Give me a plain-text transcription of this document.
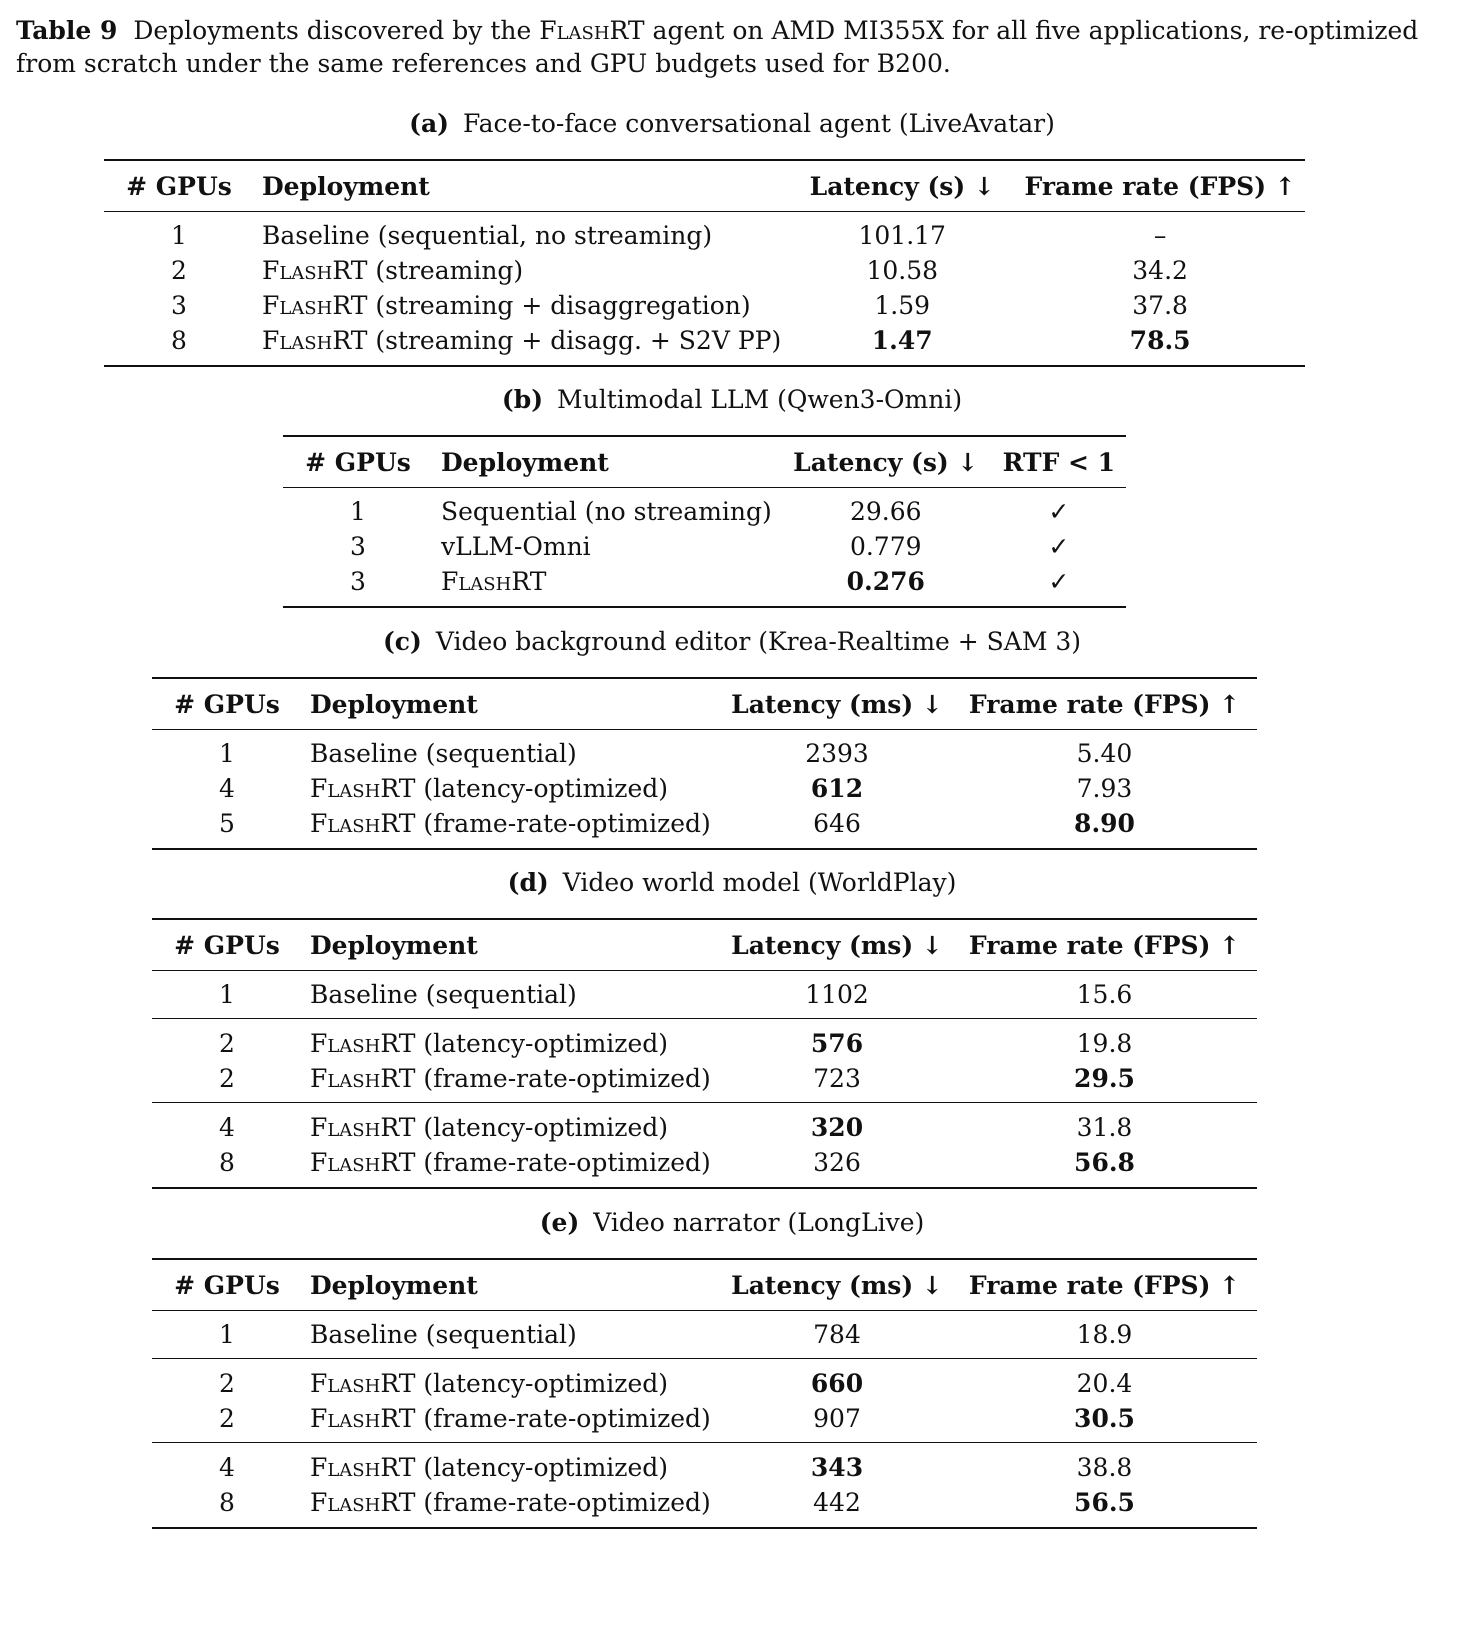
Table 9 Deployments discovered by the FlashRT agent on AMD MI355X for all five applications, re-optimized from scratch under the same references and GPU budgets used for B200.

(a) Face-to-face conversational agent (LiveAvatar)
# GPUs	Deployment	Latency (s) ↓	Frame rate (FPS) ↑
1	Baseline (sequential, no streaming)	101.17	–
2	FlashRT (streaming)	10.58	34.2
3	FlashRT (streaming + disaggregation)	1.59	37.8
8	FlashRT (streaming + disagg. + S2V PP)	1.47	78.5
(b) Multimodal LLM (Qwen3-Omni)
# GPUs	Deployment	Latency (s) ↓	RTF < 1
1	Sequential (no streaming)	29.66	✓
3	vLLM-Omni	0.779	✓
3	FlashRT	0.276	✓
(c) Video background editor (Krea-Realtime + SAM 3)
# GPUs	Deployment	Latency (ms) ↓	Frame rate (FPS) ↑
1	Baseline (sequential)	2393	5.40
4	FlashRT (latency-optimized)	612	7.93
5	FlashRT (frame-rate-optimized)	646	8.90
(d) Video world model (WorldPlay)
# GPUs	Deployment	Latency (ms) ↓	Frame rate (FPS) ↑
1	Baseline (sequential)	1102	15.6
2	FlashRT (latency-optimized)	576	19.8
2	FlashRT (frame-rate-optimized)	723	29.5
4	FlashRT (latency-optimized)	320	31.8
8	FlashRT (frame-rate-optimized)	326	56.8
(e) Video narrator (LongLive)
# GPUs	Deployment	Latency (ms) ↓	Frame rate (FPS) ↑
1	Baseline (sequential)	784	18.9
2	FlashRT (latency-optimized)	660	20.4
2	FlashRT (frame-rate-optimized)	907	30.5
4	FlashRT (latency-optimized)	343	38.8
8	FlashRT (frame-rate-optimized)	442	56.5
